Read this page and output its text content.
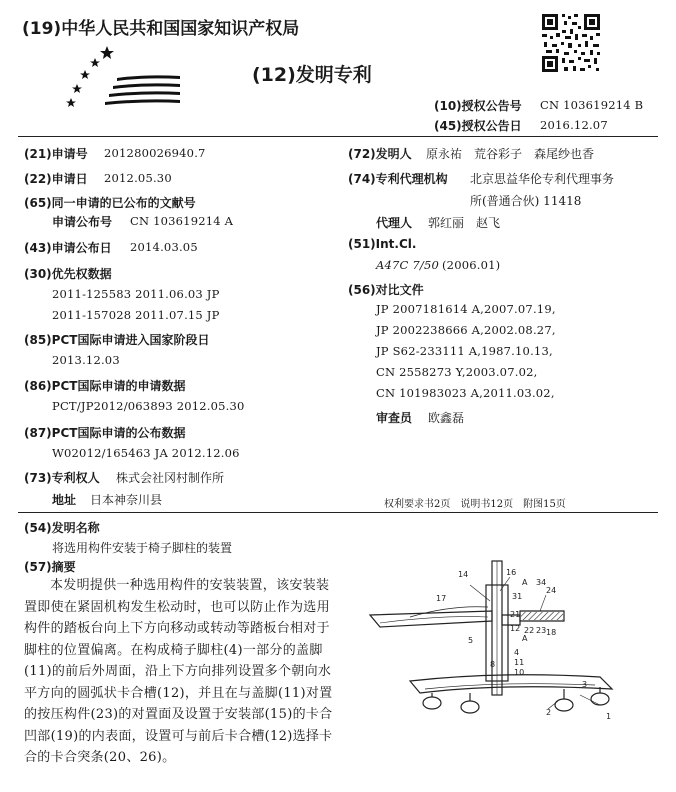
(19)中华人民共和国国家知识产权局
(12)发明专利
(10)授权公告号 CN 103619214 B
(45)授权公告日 2016.12.07
(21)申请号 201280026940.7
(22)申请日 2012.05.30
(65)同一申请的已公布的文献号
申请公布号 CN 103619214 A
(43)申请公布日 2014.03.05
(30)优先权数据
2011-125583 2011.06.03 JP
2011-157028 2011.07.15 JP
(85)PCT国际申请进入国家阶段日
2013.12.03
(86)PCT国际申请的申请数据
PCT/JP2012/063893 2012.05.30
(87)PCT国际申请的公布数据
W02012/165463 JA 2012.12.06
(73)专利权人 株式会社冈村制作所
地址 日本神奈川县
(72)发明人 原永祐　荒谷彩子　森尾纱也香
(74)专利代理机构 北京思益华伦专利代理事务
所(普通合伙) 11418
代理人 郭红丽　赵飞
(51)Int.Cl.
A47C 7/50 (2006.01)
(56)对比文件
JP 2007181614 A,2007.07.19,
JP 2002238666 A,2002.08.27,
JP S62-233111 A,1987.10.13,
CN 2558273 Y,2003.07.02,
CN 101983023 A,2011.03.02,
审查员 欧鑫磊
权利要求书2页　说明书12页　附图15页
(54)发明名称
将选用构件安装于椅子脚柱的装置
(57)摘要
本发明提供一种选用构件的安装装置，该安装装置即使在紧固机构发生松动时，也可以防止作为选用构件的踏板台向上下方向移动或转动等踏板台相对于脚柱的位置偏离。在构成椅子脚柱(4)一部分的盖脚(11)的前后外周面，沿上下方向排列设置多个朝向水平方向的圆弧状卡合槽(12)，并且在与盖脚(11)对置的按压构件(23)的对置面及设置于安装部(15)的卡合凹部(19)的内表面，设置可与前后卡合槽(12)选择卡合的卡合突条(20、26)。
14	16
17
34
A
A
24
12 22 23 18
21
31
4
11
10
5
2	1
3
8
